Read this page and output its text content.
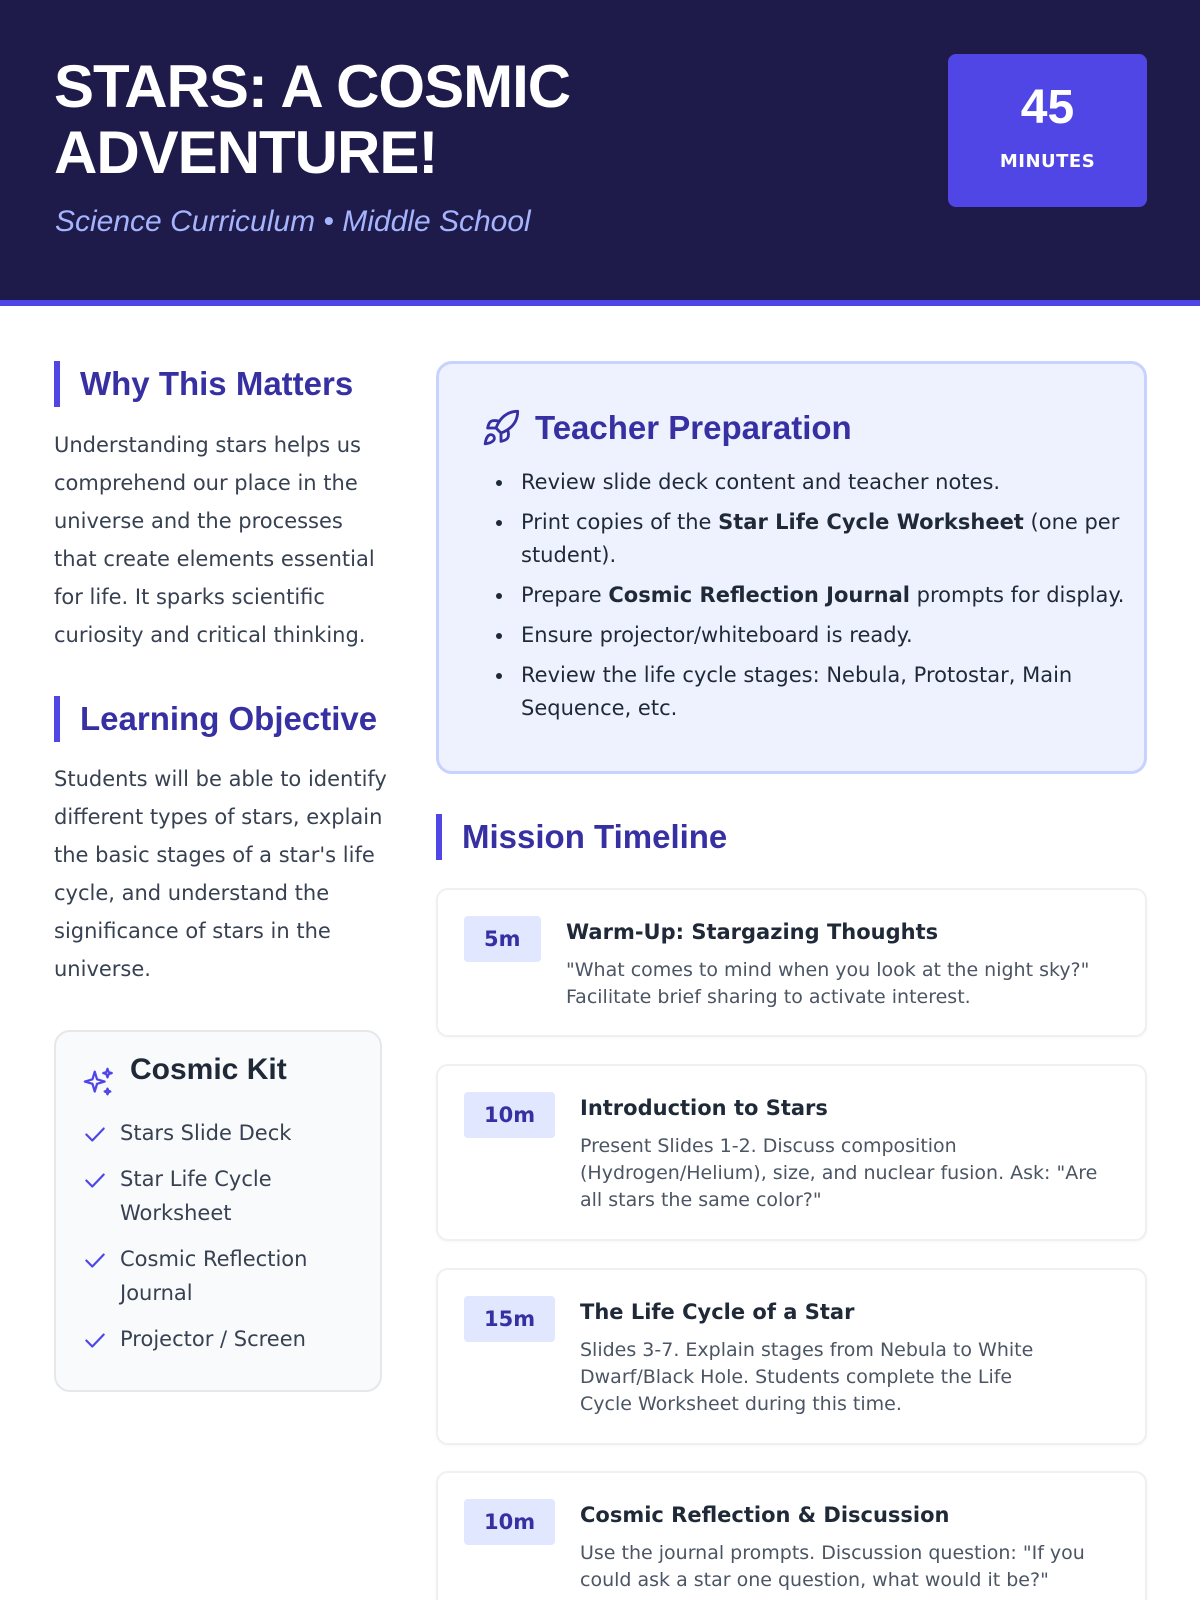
STARS: A COSMIC ADVENTURE!
Science Curriculum • Middle School
45
MINUTES
Why This Matters

Understanding stars helps us comprehend our place in the universe and the processes that create elements essential for life. It sparks scientific curiosity and critical thinking.

Learning Objective

Students will be able to identify different types of stars, explain the basic stages of a star's life cycle, and understand the significance of stars in the universe.

Cosmic Kit
Stars Slide Deck
Star Life Cycle Worksheet
Cosmic Reflection Journal
Projector / Screen
Teacher Preparation
• Review slide deck content and teacher notes.
• Print copies of the Star Life Cycle Worksheet (one per student).
• Prepare Cosmic Reflection Journal prompts for display.
• Ensure projector/whiteboard is ready.
• Review the life cycle stages: Nebula, Protostar, Main Sequence, etc.
Mission Timeline
5m	Warm-Up: Stargazing Thoughts
"What comes to mind when you look at the night sky?" Facilitate brief sharing to activate interest.
10m	Introduction to Stars
Present Slides 1-2. Discuss composition (Hydrogen/Helium), size, and nuclear fusion. Ask: "Are all stars the same color?"
15m	The Life Cycle of a Star
Slides 3-7. Explain stages from Nebula to White Dwarf/Black Hole. Students complete the Life Cycle Worksheet during this time.
10m	Cosmic Reflection & Discussion
Use the journal prompts. Discussion question: "If you could ask a star one question, what would it be?"
